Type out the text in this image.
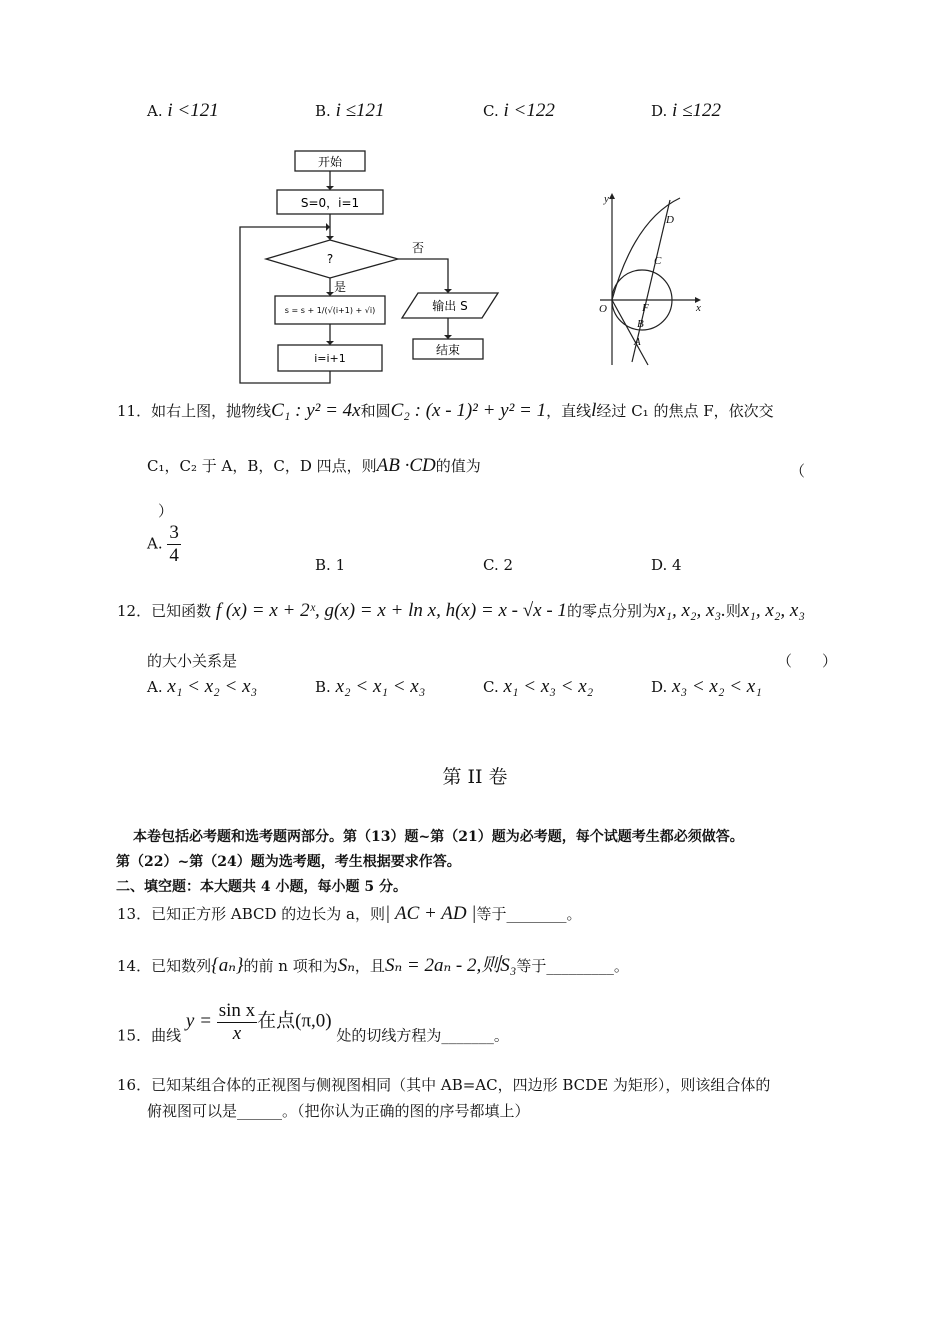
A. i <121	B. i ≤121	C. i <122	D. i ≤122
开始
S=0，i=1
?
否
是
s = s + 1/(√(i+1) + √i)
i=i+1
输出 S
结束
y
x
O
D
C
F
B
A
11．如右上图，抛物线C₁ : y² = 4x和圆C₂ : (x - 1)² + y² = 1，直线l经过 C₁ 的焦点 F，依次交
C₁，C₂ 于 A，B，C，D 四点，则AB ·CD的值为	（
）
A. $\frac{3}{4}$	B. 1	C. 2	D. 4
12．已知函数 f (x) = x + 2ˣ, g(x) = x + ln x, h(x) = x - √x - 1的零点分别为x₁, x₂, x₃.则x₁, x₂, x₃
的大小关系是	（　　）
A. x₁ < x₂ < x₃	B. x₂ < x₁ < x₃	C. x₁ < x₃ < x₂	D. x₃ < x₂ < x₁
第 II 卷
本卷包括必考题和选考题两部分。第（13）题~第（21）题为必考题，每个试题考生都必须做答。
第（22）~第（24）题为选考题，考生根据要求作答。
二、填空题：本大题共 4 小题，每小题 5 分。
13．已知正方形 ABCD 的边长为 a，则| AC + AD |等于________。
14．已知数列{aₙ}的前 n 项和为Sₙ，且Sₙ = 2aₙ - 2,则S₃等于_________。
15．曲线 $y = \frac{\text{sin x}}{x}$ 在点(π,0) 处的切线方程为_______。
16．已知某组合体的正视图与侧视图相同（其中 AB=AC，四边形 BCDE 为矩形），则该组合体的
俯视图可以是______。（把你认为正确的图的序号都填上）
